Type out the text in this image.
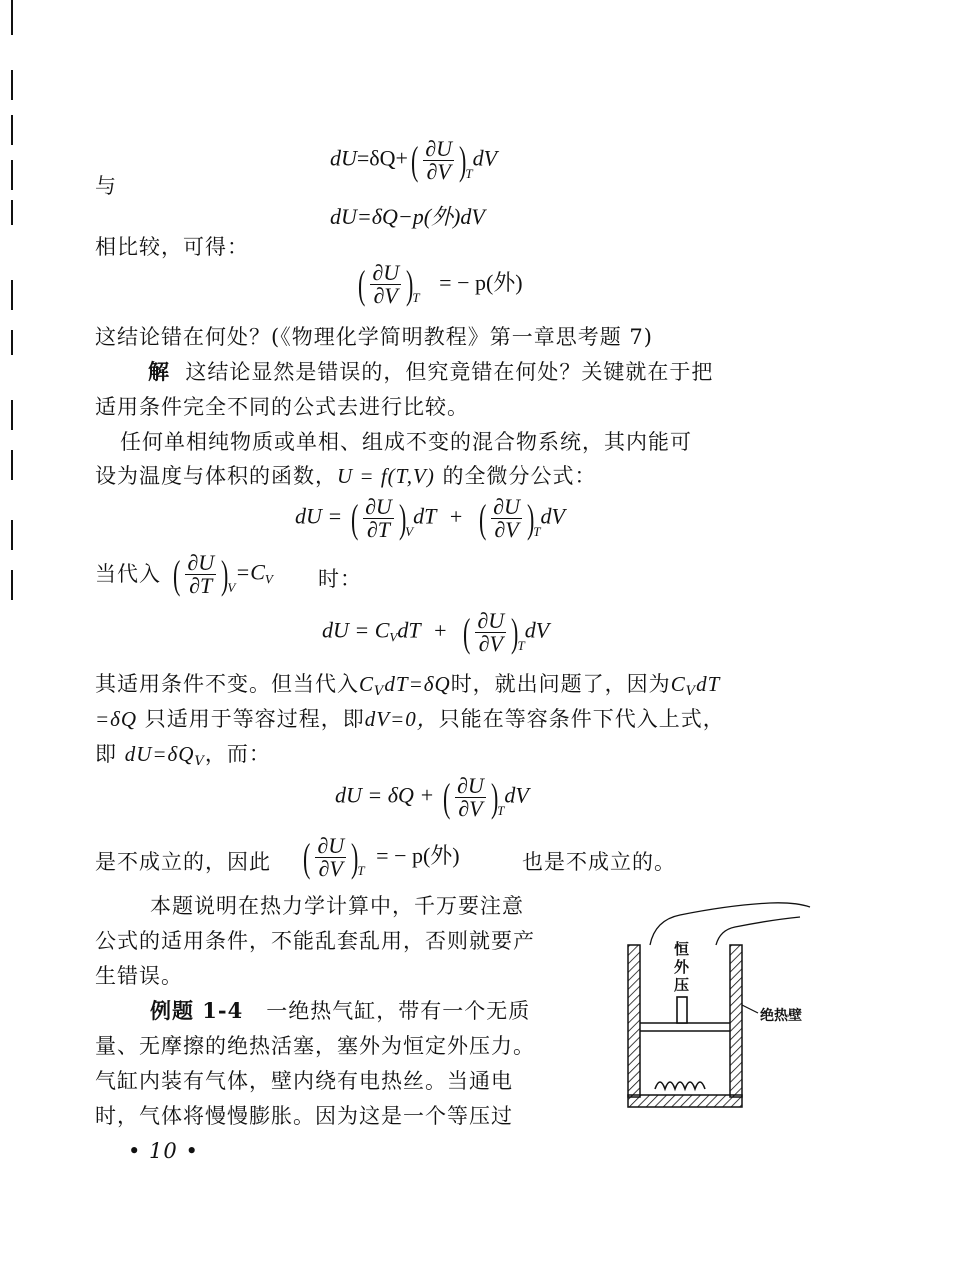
$dU=\delta Q+( \frac{\partial U}{\partial V} )_TdV$
与
dU=δQ−p(外)dV
相比较，可得：
( $\frac{\partial U}{\partial V} )_T$ = − p(外)
这结论错在何处？(《物理化学简明教程》第一章思考题 7)
解 这结论显然是错误的，但究竟错在何处？关键就在于把
适用条件完全不同的公式去进行比较。
任何单相纯物质或单相、组成不变的混合物系统，其内能可
设为温度与体积的函数，U = f(T,V) 的全微分公式：
dU = ( $\frac{\partial U}{\partial T} )_VdT$ + ( $\frac{\partial U}{\partial V} )_TdV$
当代入 ( $\frac{\partial U}{\partial T} )_V=C_V$ 时：
dU = $C_VdT$ + ( $\frac{\partial U}{\partial V} )_TdV$
其适用条件不变。但当代入$C_VdT=\delta Q$时，就出问题了，因为$C_VdT$
=δQ 只适用于等容过程，即dV=0，只能在等容条件下代入上式，
即 $dU=\delta Q_V$，而：
dU = δQ + ( $\frac{\partial U}{\partial V} )_TdV$
是不成立的，因此 ( $\frac{\partial U}{\partial V} )_T$ = − p(外)	也是不成立的。
本题说明在热力学计算中，千万要注意
公式的适用条件，不能乱套乱用，否则就要产
生错误。
例题 1-4 一绝热气缸，带有一个无质
量、无摩擦的绝热活塞，塞外为恒定外压力。
气缸内装有气体，壁内绕有电热丝。当通电
时，气体将慢慢膨胀。因为这是一个等压过
• 10 •
恒
外
压
绝热壁
